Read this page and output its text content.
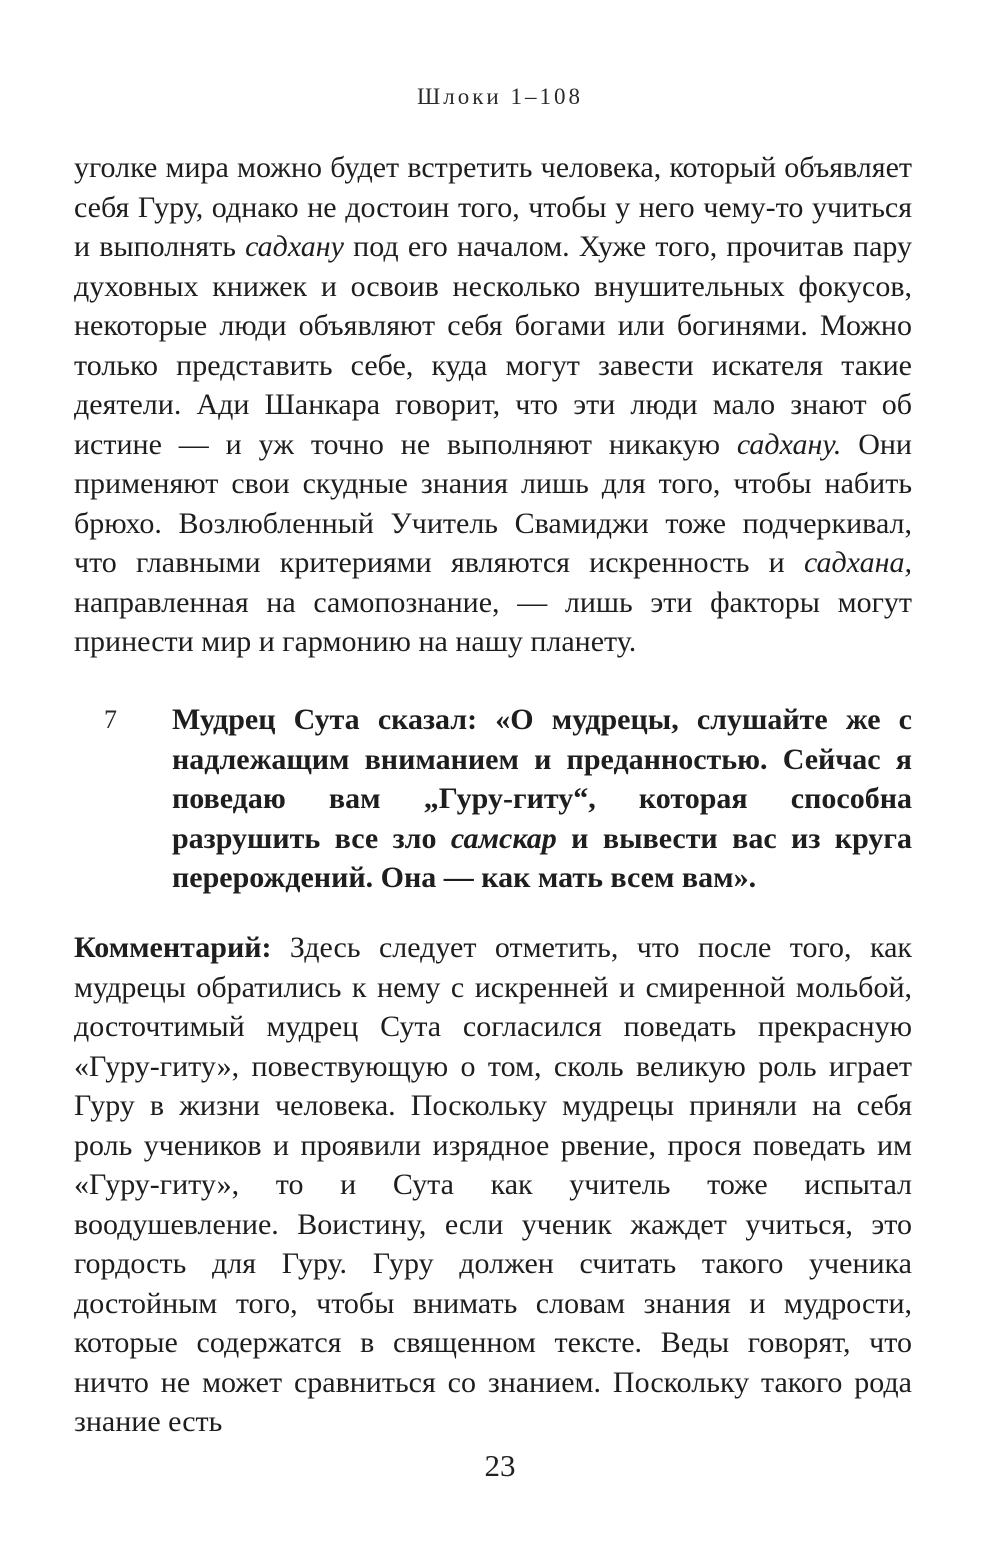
Шлоки 1–108
уголке мира можно будет встретить человека, который объявляет себя Гуру, однако не достоин того, чтобы у него чему-то учиться и выполнять садхану под его началом. Хуже того, прочитав пару духовных книжек и освоив несколько внушительных фокусов, некоторые люди объявляют себя богами или богинями. Можно только представить себе, куда могут завести искателя такие деятели. Ади Шанкара говорит, что эти люди мало знают об истине — и уж точно не выполняют никакую садхану. Они применяют свои скудные знания лишь для того, чтобы набить брюхо. Возлюбленный Учитель Свамиджи тоже подчеркивал, что главными критериями являются искренность и садхана, направленная на самопознание, — лишь эти факторы могут принести мир и гармонию на нашу планету.
7 Мудрец Сута сказал: «О мудрецы, слушайте же с надлежащим вниманием и преданностью. Сейчас я поведаю вам „Гуру-гиту“, которая способна разрушить все зло самскар и вывести вас из круга перерождений. Она — как мать всем вам».
Комментарий: Здесь следует отметить, что после того, как мудрецы обратились к нему с искренней и смиренной мольбой, досточтимый мудрец Сута согласился поведать прекрасную «Гуру-гиту», повествующую о том, сколь великую роль играет Гуру в жизни человека. Поскольку мудрецы приняли на себя роль учеников и проявили изрядное рвение, прося поведать им «Гуру-гиту», то и Сута как учитель тоже испытал воодушевление. Воистину, если ученик жаждет учиться, это гордость для Гуру. Гуру должен считать такого ученика достойным того, чтобы внимать словам знания и мудрости, которые содержатся в священном тексте. Веды говорят, что ничто не может сравниться со знанием. Поскольку такого рода знание есть
23
